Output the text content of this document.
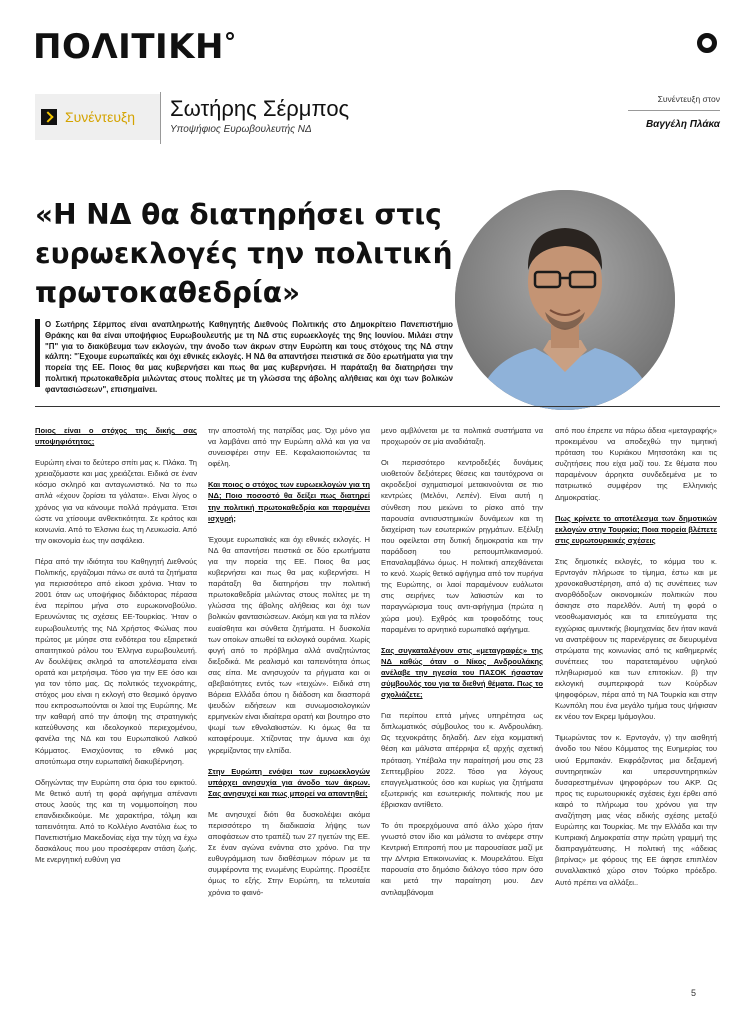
ΠΟΛΙΤΙΚΗ
Συνέντευξη Σωτήρης Σέρμπος
Υποψήφιος Ευρωβουλευτής ΝΔ
Συνέντευξη στον
Βαγγέλη Πλάκα
«Η ΝΔ θα διατηρήσει στις ευρωεκλογές την πολιτική πρωτοκαθεδρία»

Ο Σωτήρης Σέρμπος είναι αναπληρωτής Καθηγητής Διεθνούς Πολιτικής στο Δημοκρίτειο Πανεπιστήμιο Θράκης και θα είναι υποψήφιος Ευρωβουλευτής με τη ΝΔ στις ευρωεκλογές της 9ης Ιουνίου. Μιλάει στην "Π" για το διακύβευμα των εκλογών, την άνοδο των άκρων στην Ευρώπη και τους στόχους της ΝΔ στην κάλπη: "Έχουμε ευρωπαϊκές και όχι εθνικές εκλογές. Η ΝΔ θα απαντήσει πειστικά σε δύο ερωτήματα για την πορεία της ΕΕ. Ποιος θα μας κυβερνήσει και πως θα μας κυβερνήσει. Η παράταξη θα διατηρήσει την πολιτική πρωτοκαθεδρία μιλώντας στους πολίτες με τη γλώσσα της άβολης αλήθειας και όχι των βολικών φαντασιώσεων", επισημαίνει.

Ποιος είναι ο στόχος της δικής σας υποψηφιότητας;

Ευρώπη είναι το δεύτερο σπίτι μας κ. Πλάκα. Τη χρειαζόμαστε και μας χρειάζεται. Ειδικά σε έναν κόσμο σκληρό και ανταγωνιστικό. Να το πω απλά «έχουν ζορίσει τα γάλατα». Είναι λίγος ο χρόνος για να κάνουμε πολλά πράγματα. Έτσι ώστε να χτίσουμε ανθεκτικότητα. Σε κράτος και κοινωνία. Από το Έλσινκι έως τη Λευκωσία. Από την οικονομία έως την ασφάλεια.

Πέρα από την ιδιότητα του Καθηγητή Διεθνούς Πολιτικής, εργάζομαι πάνω σε αυτά τα ζητήματα για περισσότερο από είκοσι χρόνια. Ήταν το 2001 όταν ως υποψήφιος διδάκτορας πέρασα ένα περίπου μήνα στο ευρωκοινοβούλιο. Ερευνώντας τις σχέσεις ΕΕ-Τουρκίας. Ήταν ο ευρωβουλευτής της ΝΔ Χρήστος Φώλιας που πρώτος με μύησε στα ενδότερα του εξαιρετικά απαιτητικού ρόλου του Έλληνα ευρωβουλευτή. Αν δουλέψεις σκληρά τα αποτελέσματα είναι ορατά και μετρήσιμα. Τόσο για την ΕΕ όσο και για τον τόπο μας. Ως πολιτικός τεχνοκράτης, στόχος μου είναι η εκλογή στο θεσμικό όργανο που εκπροσωπούνται οι λαοί της Ευρώπης. Με την καθαρή από την άποψη της στρατηγικής κατεύθυνσης και ιδεολογικού περιεχομένου, φανέλα της ΝΔ και του Ευρωπαϊκού Λαϊκού Κόμματος. Ενισχύοντας το εθνικό μας αποτύπωμα στην ευρωπαϊκή διακυβέρνηση.

Οδηγώντας την Ευρώπη στα όρια του εφικτού. Με θετικό αυτή τη φορά αφήγημα απέναντι στους λαούς της και τη νομιμοποίηση που επανδιεκδικούμε. Με χαρακτήρα, τόλμη και ταπεινότητα. Από το Κολλέγιο Ανατόλια έως το Πανεπιστήμιο Μακεδονίας είχα την τύχη να έχω δασκάλους που μου προσέφεραν στάση ζωής. Με ενεργητική ευθύνη για

την αποστολή της πατρίδας μας. Όχι μόνο για να λαμβάνει από την Ευρώπη αλλά και για να συνεισφέρει στην ΕΕ. Κεφαλαιοποιώντας τα οφέλη.

Και ποιος ο στόχος των ευρωεκλογών για τη ΝΔ; Πoιο ποσοστό θα δείξει πως διατηρεί την πολιτική πρωτοκαθεδρία και παραμένει ισχυρή;

Έχουμε ευρωπαϊκές και όχι εθνικές εκλογές. Η ΝΔ θα απαντήσει πειστικά σε δύο ερωτήματα για την πορεία της ΕΕ. Ποιος θα μας κυβερνήσει και πως θα μας κυβερνήσει. Η παράταξη θα διατηρήσει την πολιτική πρωτοκαθεδρία μιλώντας στους πολίτες με τη γλώσσα της άβολης αλήθειας και όχι των βολικών φαντασιώσεων. Ακόμη και για τα πλέον ευαίσθητα και σύνθετα ζητήματα. Η δυσκολία των οποίων απωθεί τα εκλογικά ουράνια. Χωρίς φυγή από το πρόβλημα αλλά αναζητώντας διεξοδικά. Με ρεαλισμό και ταπεινότητα όπως σας είπα. Με ανησυχούν τα ρήγματα και οι αβεβαιότητες εντός των «τειχών». Ειδικά στη Βόρεια Ελλάδα όπου η διάδοση και διασπορά ψευδών ειδήσεων και συνωμοσιολογικών ερμηνειών είναι ιδιαίτερα ορατή και βουτηρο στο ψωμί των εθνολαϊκιστών. Κι όμως θα τα καταφέρουμε. Χτίζοντας την άμυνα και όχι γκρεμίζοντας την ελπίδα.

Στην Ευρώπη ενόψει των ευρωεκλογών υπάρχει ανησυχία για άνοδο των άκρων. Σας ανησυχεί και πως μπορεί να απαντηθεί;

Με ανησυχεί διότι θα δυσκολέψει ακόμα περισσότερο τη διαδικασία λήψης των αποφάσεων στο τραπέζι των 27 ηγετών της ΕΕ. Σε έναν αγώνα ενάντια στο χρόνο. Για την ευθυγράμμιση των διαθέσιμων πόρων με τα συμφέροντα της ενωμένης Ευρώπης. Προσέξτε όμως το εξής. Στην Ευρώπη, τα τελευταία χρόνια το φαινό-

μενο αμβλύνεται με τα πολιτικά συστήματα να προχωρούν σε μία αναδιάταξη.

Οι περισσότερο κεντροδεξιές δυνάμεις υιοθετούν δεξιότερες θέσεις και ταυτόχρονα οι ακροδεξιοί σχηματισμοί μετακινούνται σε πιο κεντρώες (Μελόνι, Λεπέν). Είναι αυτή η σύνθεση που μειώνει το ρίσκο από την παρουσία αντισυστημικών δυνάμεων και τη διαχείριση των εσωτερικών ρηγμάτων. Εξέλιξη που οφείλεται στη δυτική δημοκρατία και την παράδοση του ρεπουμπλικανισμού. Επαναλαμβάνω όμως. Η πολιτική απεχθάνεται το κενό. Χωρίς θετικό αφήγημα από τον πυρήνα της Ευρώπης, οι λαοί παραμένουν ευάλωτοι στις σειρήνες των λαϊκιστών και το παραγνώρισμα τους αντι-αφήγημα (πρώτα η χώρα μου). Εχθρός και τροφοδότης τους παραμένει το αρνητικό ευρωπαϊκό αφήγημα.

Σας συγκαταλέγουν στις «μεταγραφές» της ΝΔ καθώς όταν ο Νίκος Ανδρουλάκης ανέλαβε την ηγεσία του ΠΑΣΟΚ ήσασταν σύμβουλός του για τα διεθνή θέματα. Πως το σχολιάζετε;

Για περίπου επτά μήνες υπηρέτησα ως διπλωματικός σύμβουλος του κ. Ανδρουλάκη. Ως τεχνοκράτης δηλαδή. Δεν είχα κομματική θέση και μάλιστα απέρριψα εξ αρχής σχετική πρόταση. Υπέβαλα την παραίτησή μου στις 23 Σεπτεμβρίου 2022. Τόσο για λόγους επαγγελματικούς όσο και κυρίως για ζητήματα εξωτερικής και εσωτερικής πολιτικής που με έβρισκαν αντίθετο.

Το ότι προερχόμουνα από άλλο χώρο ήταν γνωστό στον ίδιο και μάλιστα το ανέφερε στην Κεντρική Επιτροπή που με παρουσίασε μαζί με την Δ/ντρια Επικοινωνίας κ. Μουρελάτου. Είχα παρουσία στο δημόσιο διάλογο τόσο πριν όσο και μετά την παραίτηση μου. Δεν αντιλαμβάνομαι

από που έπρεπε να πάρω άδεια «μεταγραφής» προκειμένου να αποδεχθώ την τιμητική πρόταση του Κυριάκου Μητσοτάκη και τις συζητήσεις που είχα μαζί του. Σε θέματα που παραμένουν άρρηκτα συνδεδεμένα με το πατριωτικό συμφέρον της Ελληνικής Δημοκρατίας.

Πως κρίνετε το αποτέλεσμα των δημοτικών εκλογών στην Τουρκία; Ποια πορεία βλέπετε στις ευρωτουρκικές σχέσεις

Στις δημοτικές εκλογές, το κόμμα του κ. Ερντογάν πλήρωσε το τίμημα, έστω και με χρονοκαθυστέρηση, από α) τις συνέπειες των ανορθόδοξων οικονομικών πολιτικών που άσκησε στο παρελθόν. Αυτή τη φορά ο νεοοθωμανισμός και τα επιτεύγματα της εγχώριας αμυντικής βιομηχανίας δεν ήταν ικανά να ανατρέψουν τις παρενέργειες σε διευρυμένα στρώματα της κοινωνίας από τις καθημερινές συνέπειες του παρατεταμένου υψηλού πληθωρισμού και των επιτοκίων. β) την εκλογική συμπεριφορά των Κούρδων ψηφοφόρων, πέρα από τη ΝΑ Τουρκία και στην Κωνπόλη που ένα μεγάλο τμήμα τους ψήφισαν εκ νέου τον Εκρεμ Ιμάμογλου.

Τιμωρώντας τον κ. Ερντογάν, γ) την αισθητή άνοδο του Νέου Κόμματος της Ευημερίας του υιού Ερμπακάν. Εκφράζοντας μια δεξαμενή συντηρητικών και υπερσυντηρητικών δυσαρεστημένων ψηφοφόρων του ΑΚΡ. Ως προς τις ευρωτουρκικές σχέσεις έχει έρθει από καιρό το πλήρωμα του χρόνου για την αναζήτηση μιας νέας ειδικής σχέσης μεταξύ Ευρώπης και Τουρκίας. Με την Ελλάδα και την Κυπριακή Δημοκρατία στην πρώτη γραμμή της διαπραγμάτευσης. Η πολιτική της «άδειας βιτρίνας» με φόρους της ΕΕ άφησε επιπλέον συναλλακτικό χώρο στον Τούρκο πρόεδρο. Αυτό πρέπει να αλλάξει..

5
